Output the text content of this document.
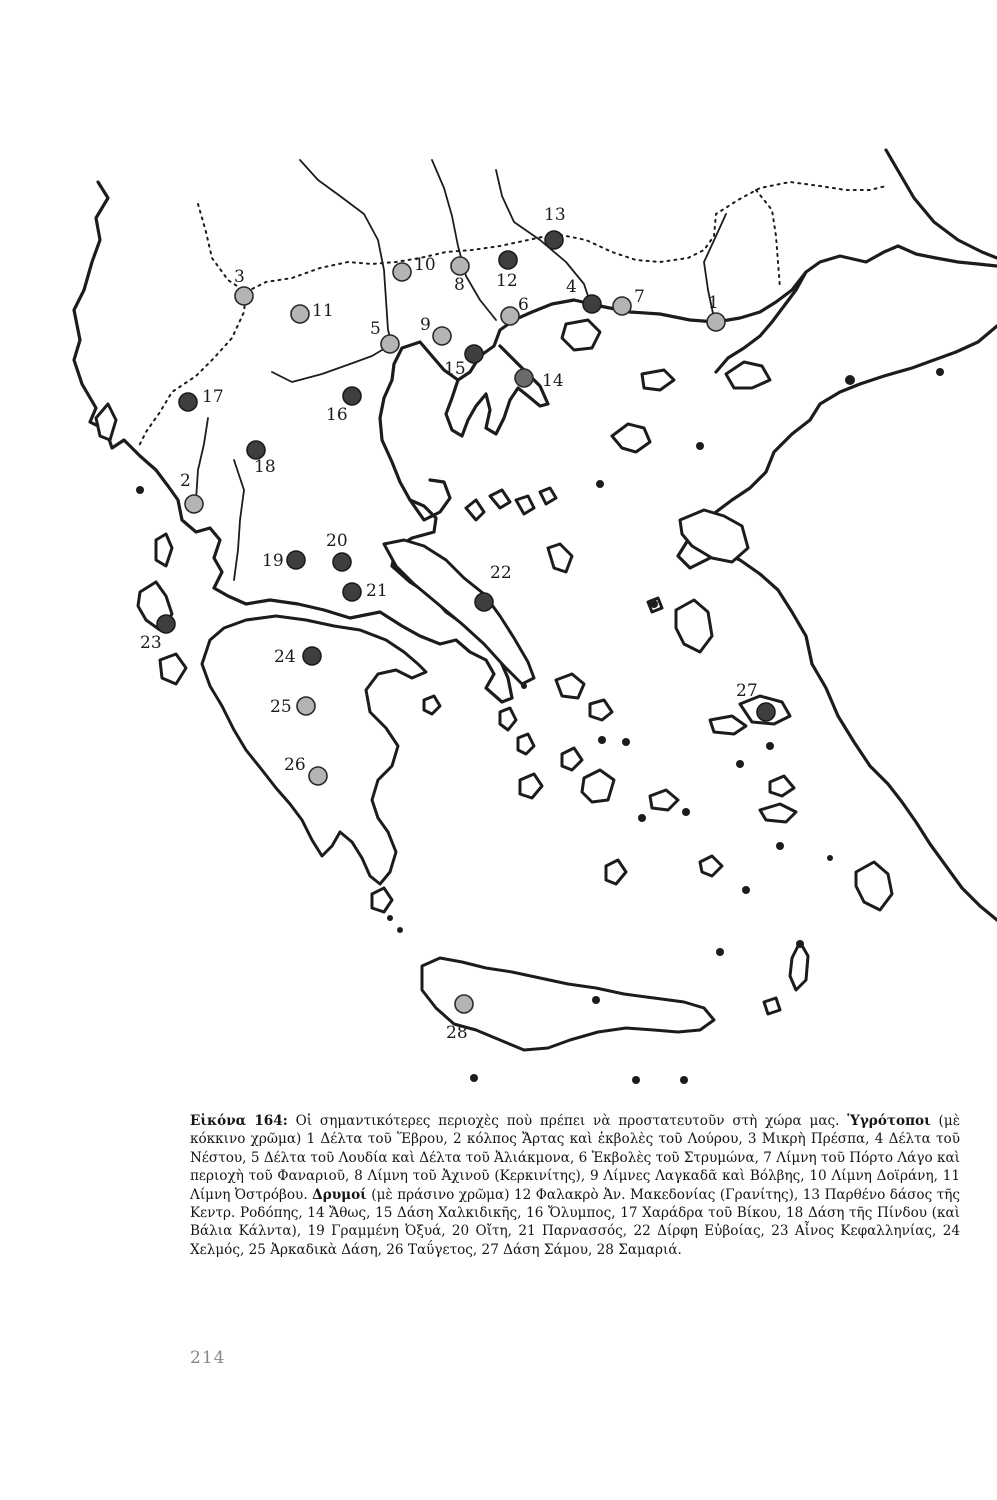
1
2
3	4
5
6	7
8
9
10
11
12
13
14
15
16
17
18
19
20
21
22
23
24
25
26
27
28
Εἰκόνα 164: Οἱ σημαντικότερες περιοχὲς ποὺ πρέπει νὰ προστατευτοῦν στὴ χώρα μας. Ὑγρότοποι (μὲ κόκκινο χρῶμα) 1 Δέλτα τοῦ Ἕβρου, 2 κόλπος Ἄρτας καὶ ἐκβολὲς τοῦ Λούρου, 3 Μικρὴ Πρέσπα, 4 Δέλτα τοῦ Νέστου, 5 Δέλτα τοῦ Λουδία καὶ Δέλτα τοῦ Ἀλιάκμονα, 6 Ἐκβολὲς τοῦ Στρυμώνα, 7 Λίμνη τοῦ Πόρτο Λάγο καὶ περιοχὴ τοῦ Φαναριοῦ, 8 Λίμνη τοῦ Ἀχινοῦ (Κερκινίτης), 9 Λίμνες Λαγκαδᾶ καὶ Βόλβης, 10 Λίμνη Δοϊράνη, 11 Λίμνη Ὀστρόβου. Δρυμοί (μὲ πράσινο χρῶμα) 12 Φαλακρὸ Ἀν. Μακεδονίας (Γρανίτης), 13 Παρθένο δάσος τῆς Κεντρ. Ροδόπης, 14 Ἄθως, 15 Δάση Χαλκιδικῆς, 16 Ὄλυμπος, 17 Χαράδρα τοῦ Βίκου, 18 Δάση τῆς Πίνδου (καὶ Βάλια Κάλντα), 19 Γραμμένη Ὀξυά, 20 Οἴτη, 21 Παρνασσός, 22 Δίρφη Εὐβοίας, 23 Αἶνος Κεφαλληνίας, 24 Χελμός, 25 Ἀρκαδικὰ Δάση, 26 Ταΰγετος, 27 Δάση Σάμου, 28 Σαμαριά.
214
